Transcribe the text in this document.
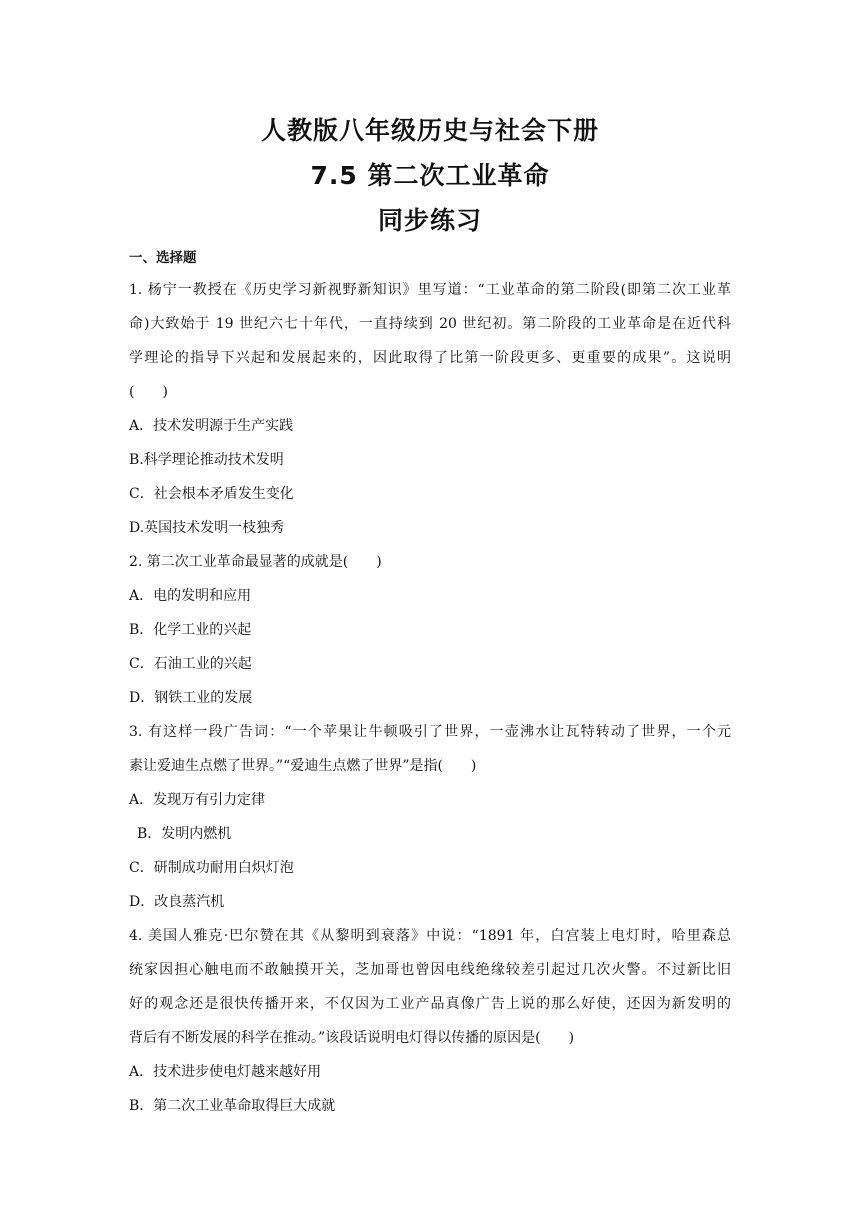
人教版八年级历史与社会下册
7.5 第二次工业革命
同步练习
一、选择题
1. 杨宁一教授在《历史学习新视野新知识》里写道：“工业革命的第二阶段(即第二次工业革
命)大致始于 19 世纪六七十年代，一直持续到 20 世纪初。第二阶段的工业革命是在近代科
学理论的指导下兴起和发展起来的，因此取得了比第一阶段更多、更重要的成果”。这说明
(　　)
A．技术发明源于生产实践
B.科学理论推动技术发明
C．社会根本矛盾发生变化
D.英国技术发明一枝独秀
2. 第二次工业革命最显著的成就是(　　)
A．电的发明和应用
B．化学工业的兴起
C．石油工业的兴起
D．钢铁工业的发展
3. 有这样一段广告词：“一个苹果让牛顿吸引了世界，一壶沸水让瓦特转动了世界，一个元
素让爱迪生点燃了世界。”“爱迪生点燃了世界”是指(　　)
A．发现万有引力定律
B．发明内燃机
C．研制成功耐用白炽灯泡
D．改良蒸汽机
4. 美国人雅克·巴尔赞在其《从黎明到衰落》中说：“1891 年，白宫装上电灯时，哈里森总
统家因担心触电而不敢触摸开关，芝加哥也曾因电线绝缘较差引起过几次火警。不过新比旧
好的观念还是很快传播开来，不仅因为工业产品真像广告上说的那么好使，还因为新发明的
背后有不断发展的科学在推动。”该段话说明电灯得以传播的原因是(　　)
A．技术进步使电灯越来越好用
B．第二次工业革命取得巨大成就
